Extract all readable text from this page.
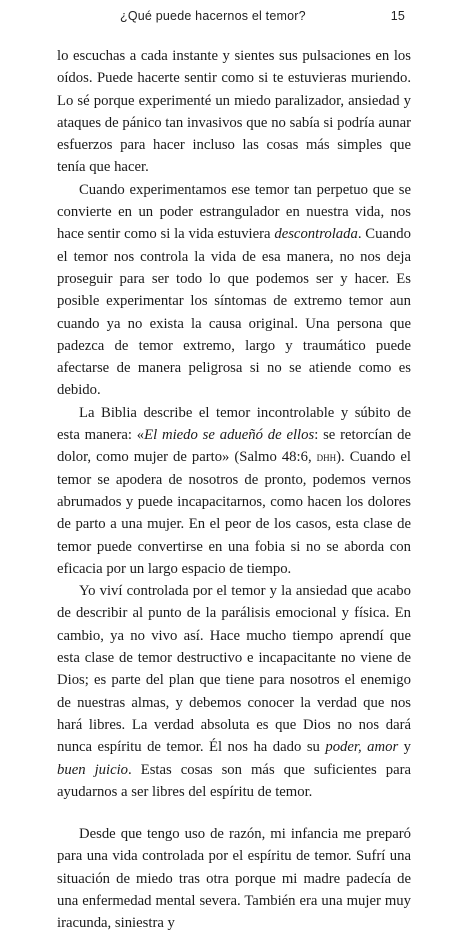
¿Qué puede hacernos el temor?	15

lo escuchas a cada instante y sientes sus pulsaciones en los oídos. Puede hacerte sentir como si te estuvieras muriendo. Lo sé porque experimenté un miedo paralizador, ansiedad y ataques de pánico tan invasivos que no sabía si podría aunar esfuerzos para hacer incluso las cosas más simples que tenía que hacer.

Cuando experimentamos ese temor tan perpetuo que se convierte en un poder estrangulador en nuestra vida, nos hace sentir como si la vida estuviera descontrolada. Cuando el temor nos controla la vida de esa manera, no nos deja proseguir para ser todo lo que podemos ser y hacer. Es posible experimentar los síntomas de extremo temor aun cuando ya no exista la causa original. Una persona que padezca de temor extremo, largo y traumático puede afectarse de manera peligrosa si no se atiende como es debido.

La Biblia describe el temor incontrolable y súbito de esta manera: «El miedo se adueñó de ellos: se retorcían de dolor, como mujer de parto» (Salmo 48:6, dhh). Cuando el temor se apodera de nosotros de pronto, podemos vernos abrumados y puede incapacitarnos, como hacen los dolores de parto a una mujer. En el peor de los casos, esta clase de temor puede convertirse en una fobia si no se aborda con eficacia por un largo espacio de tiempo.

Yo viví controlada por el temor y la ansiedad que acabo de describir al punto de la parálisis emocional y física. En cambio, ya no vivo así. Hace mucho tiempo aprendí que esta clase de temor destructivo e incapacitante no viene de Dios; es parte del plan que tiene para nosotros el enemigo de nuestras almas, y debemos conocer la verdad que nos hará libres. La verdad absoluta es que Dios no nos dará nunca espíritu de temor. Él nos ha dado su poder, amor y buen juicio. Estas cosas son más que suficientes para ayudarnos a ser libres del espíritu de temor.

Desde que tengo uso de razón, mi infancia me preparó para una vida controlada por el espíritu de temor. Sufrí una situación de miedo tras otra porque mi madre padecía de una enfermedad mental severa. También era una mujer muy iracunda, siniestra y
